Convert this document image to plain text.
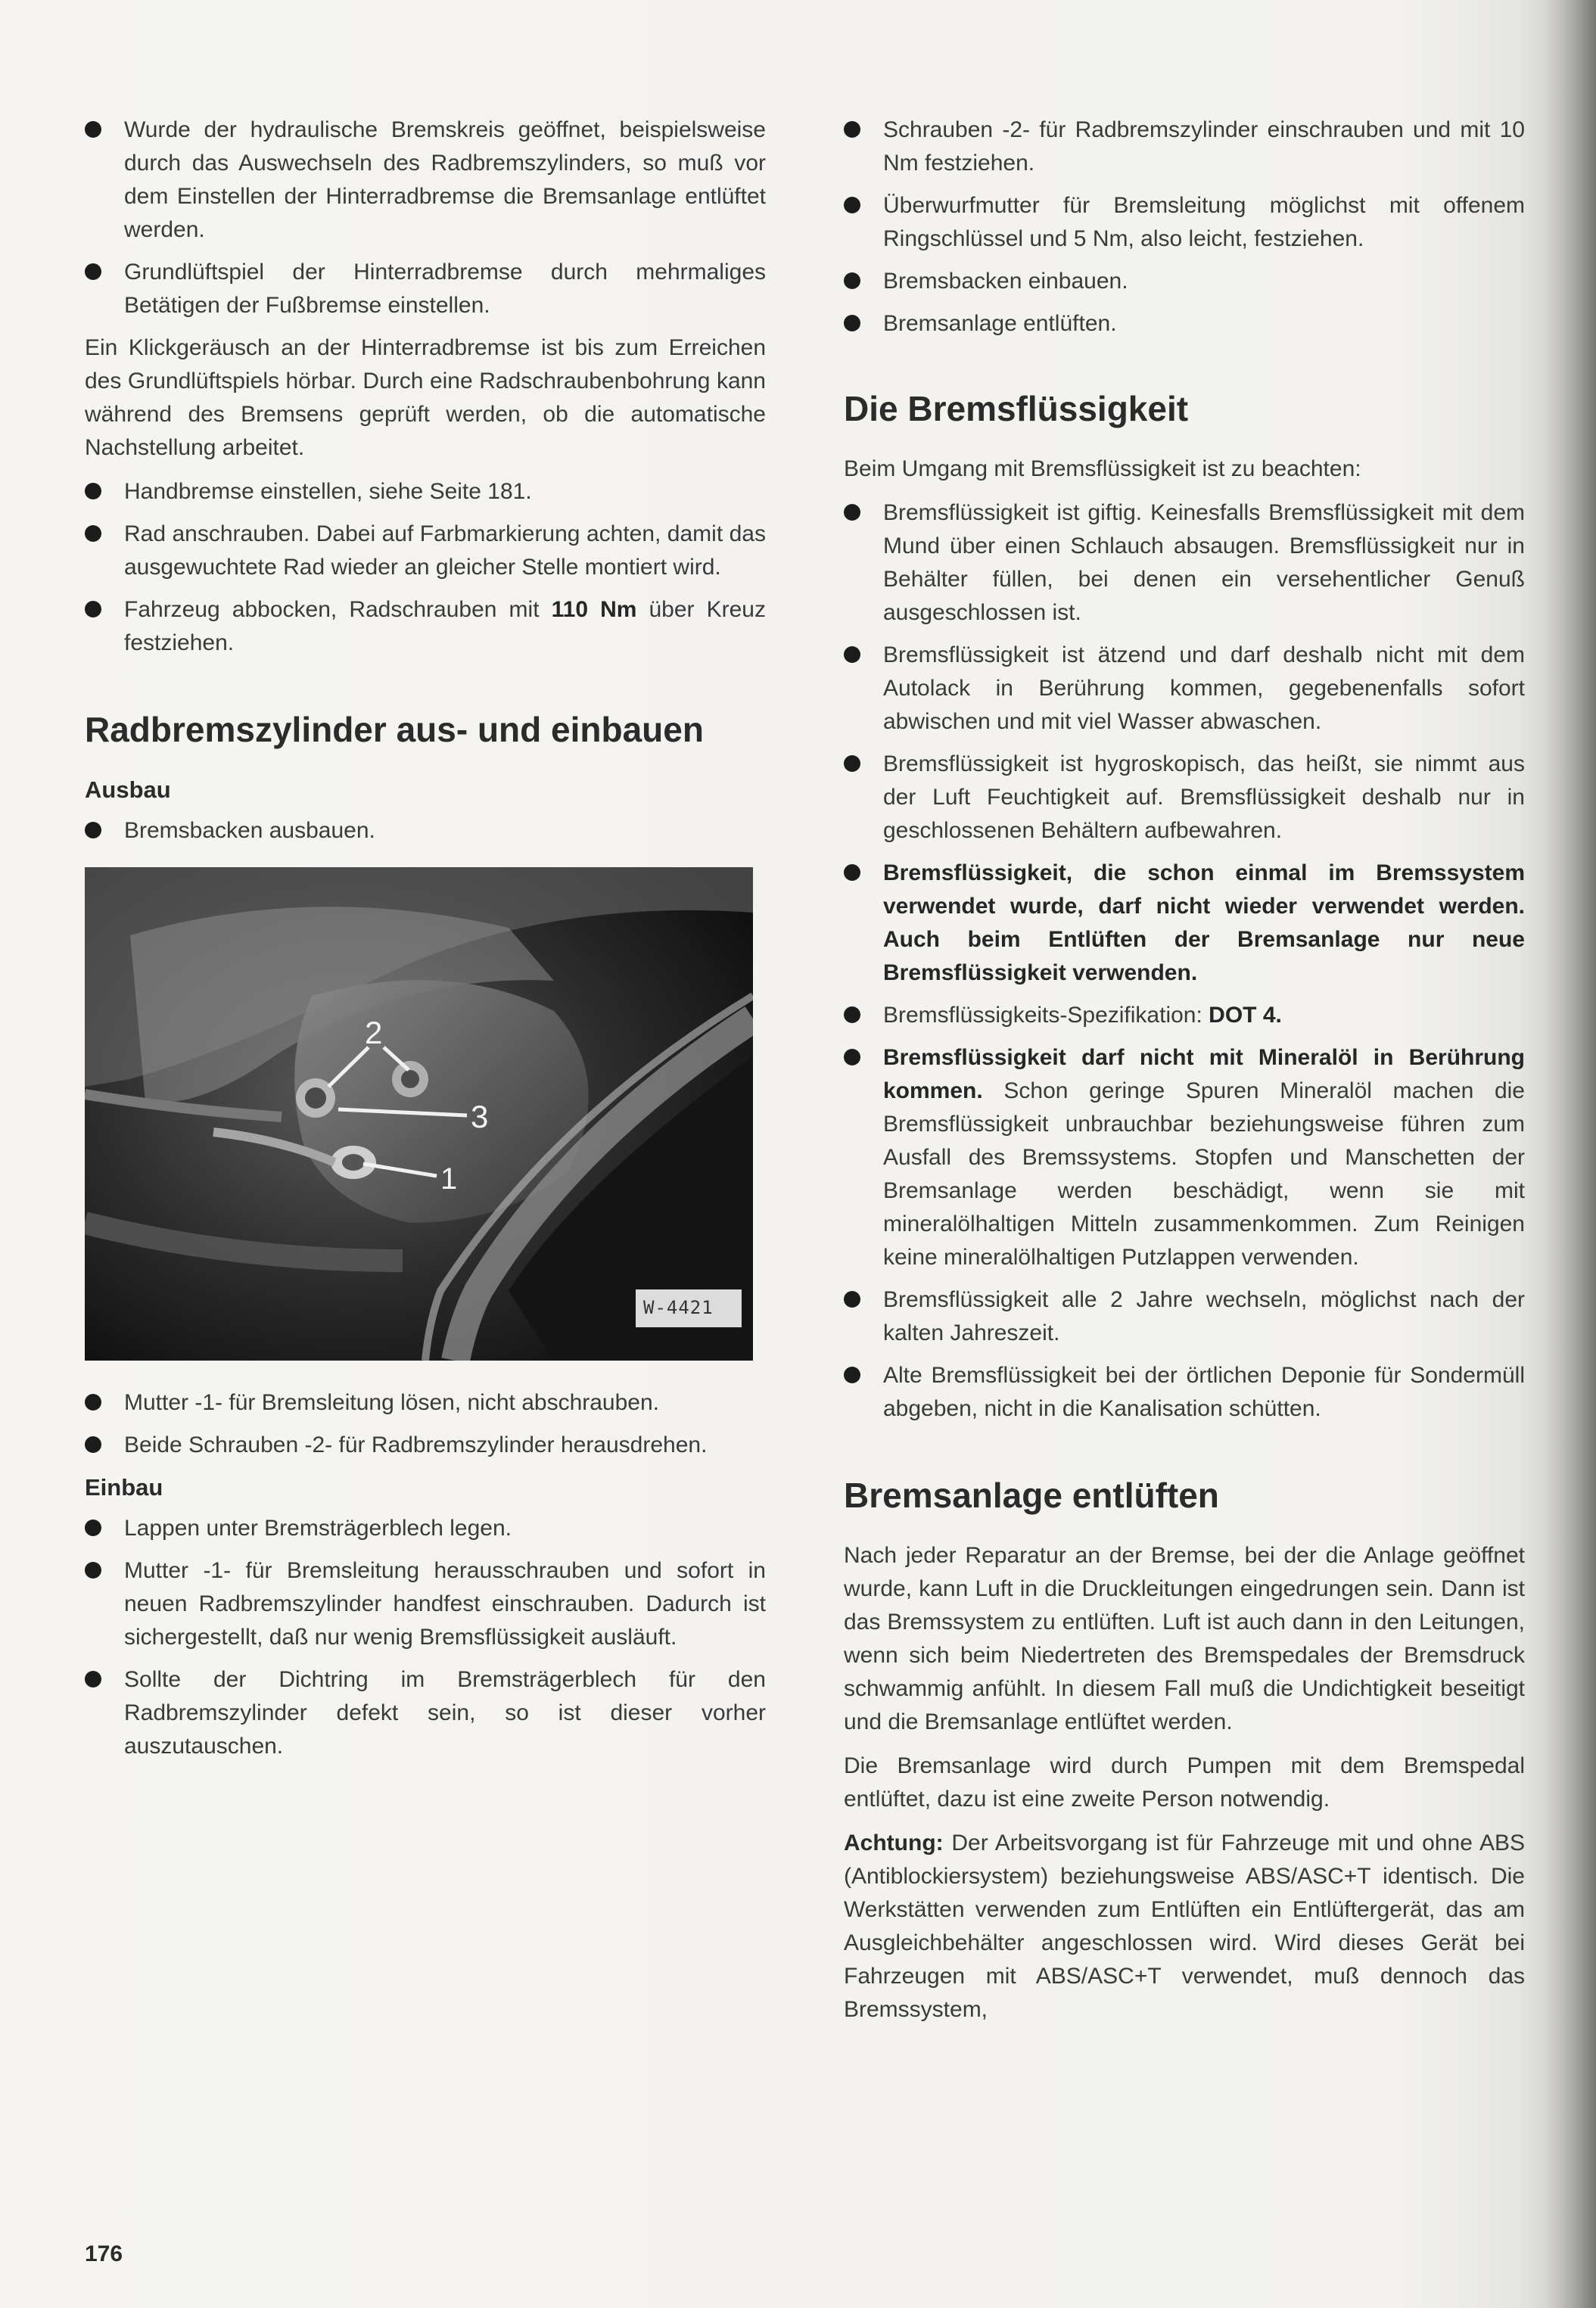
Wurde der hydraulische Bremskreis geöffnet, beispielsweise durch das Auswechseln des Radbremszylinders, so muß vor dem Einstellen der Hinterradbremse die Bremsanlage entlüftet werden.
Grundlüftspiel der Hinterradbremse durch mehrmaliges Betätigen der Fußbremse einstellen.

Ein Klickgeräusch an der Hinterradbremse ist bis zum Erreichen des Grundlüftspiels hörbar. Durch eine Radschraubenbohrung kann während des Bremsens geprüft werden, ob die automatische Nachstellung arbeitet.

Handbremse einstellen, siehe Seite 181.
Rad anschrauben. Dabei auf Farbmarkierung achten, damit das ausgewuchtete Rad wieder an gleicher Stelle montiert wird.
Fahrzeug abbocken, Radschrauben mit 110 Nm über Kreuz festziehen.
Radbremszylinder aus- und einbauen
Ausbau
Bremsbacken ausbauen.
2
3
1
W-4421
Mutter -1- für Bremsleitung lösen, nicht abschrauben.
Beide Schrauben -2- für Radbremszylinder herausdrehen.
Einbau
Lappen unter Bremsträgerblech legen.
Mutter -1- für Bremsleitung herausschrauben und sofort in neuen Radbremszylinder handfest einschrauben. Dadurch ist sichergestellt, daß nur wenig Bremsflüssigkeit ausläuft.
Sollte der Dichtring im Bremsträgerblech für den Radbremszylinder defekt sein, so ist dieser vorher auszutauschen.
Schrauben -2- für Radbremszylinder einschrauben und mit 10 Nm festziehen.
Überwurfmutter für Bremsleitung möglichst mit offenem Ringschlüssel und 5 Nm, also leicht, festziehen.
Bremsbacken einbauen.
Bremsanlage entlüften.
Die Bremsflüssigkeit

Beim Umgang mit Bremsflüssigkeit ist zu beachten:

Bremsflüssigkeit ist giftig. Keinesfalls Bremsflüssigkeit mit dem Mund über einen Schlauch absaugen. Bremsflüssigkeit nur in Behälter füllen, bei denen ein versehentlicher Genuß ausgeschlossen ist.
Bremsflüssigkeit ist ätzend und darf deshalb nicht mit dem Autolack in Berührung kommen, gegebenenfalls sofort abwischen und mit viel Wasser abwaschen.
Bremsflüssigkeit ist hygroskopisch, das heißt, sie nimmt aus der Luft Feuchtigkeit auf. Bremsflüssigkeit deshalb nur in geschlossenen Behältern aufbewahren.
Bremsflüssigkeit, die schon einmal im Bremssystem verwendet wurde, darf nicht wieder verwendet werden. Auch beim Entlüften der Bremsanlage nur neue Bremsflüssigkeit verwenden.
Bremsflüssigkeits-Spezifikation: DOT 4.
Bremsflüssigkeit darf nicht mit Mineralöl in Berührung kommen. Schon geringe Spuren Mineralöl machen die Bremsflüssigkeit unbrauchbar beziehungsweise führen zum Ausfall des Bremssystems. Stopfen und Manschetten der Bremsanlage werden beschädigt, wenn sie mit mineralölhaltigen Mitteln zusammenkommen. Zum Reinigen keine mineralölhaltigen Putzlappen verwenden.
Bremsflüssigkeit alle 2 Jahre wechseln, möglichst nach der kalten Jahreszeit.
Alte Bremsflüssigkeit bei der örtlichen Deponie für Sondermüll abgeben, nicht in die Kanalisation schütten.
Bremsanlage entlüften

Nach jeder Reparatur an der Bremse, bei der die Anlage geöffnet wurde, kann Luft in die Druckleitungen eingedrungen sein. Dann ist das Bremssystem zu entlüften. Luft ist auch dann in den Leitungen, wenn sich beim Niedertreten des Bremspedales der Bremsdruck schwammig anfühlt. In diesem Fall muß die Undichtigkeit beseitigt und die Bremsanlage entlüftet werden.

Die Bremsanlage wird durch Pumpen mit dem Bremspedal entlüftet, dazu ist eine zweite Person notwendig.

Achtung: Der Arbeitsvorgang ist für Fahrzeuge mit und ohne ABS (Antiblockiersystem) beziehungsweise ABS/ASC+T identisch. Die Werkstätten verwenden zum Entlüften ein Entlüftergerät, das am Ausgleichbehälter angeschlossen wird. Wird dieses Gerät bei Fahrzeugen mit ABS/ASC+T verwendet, muß dennoch das Bremssystem,

176
